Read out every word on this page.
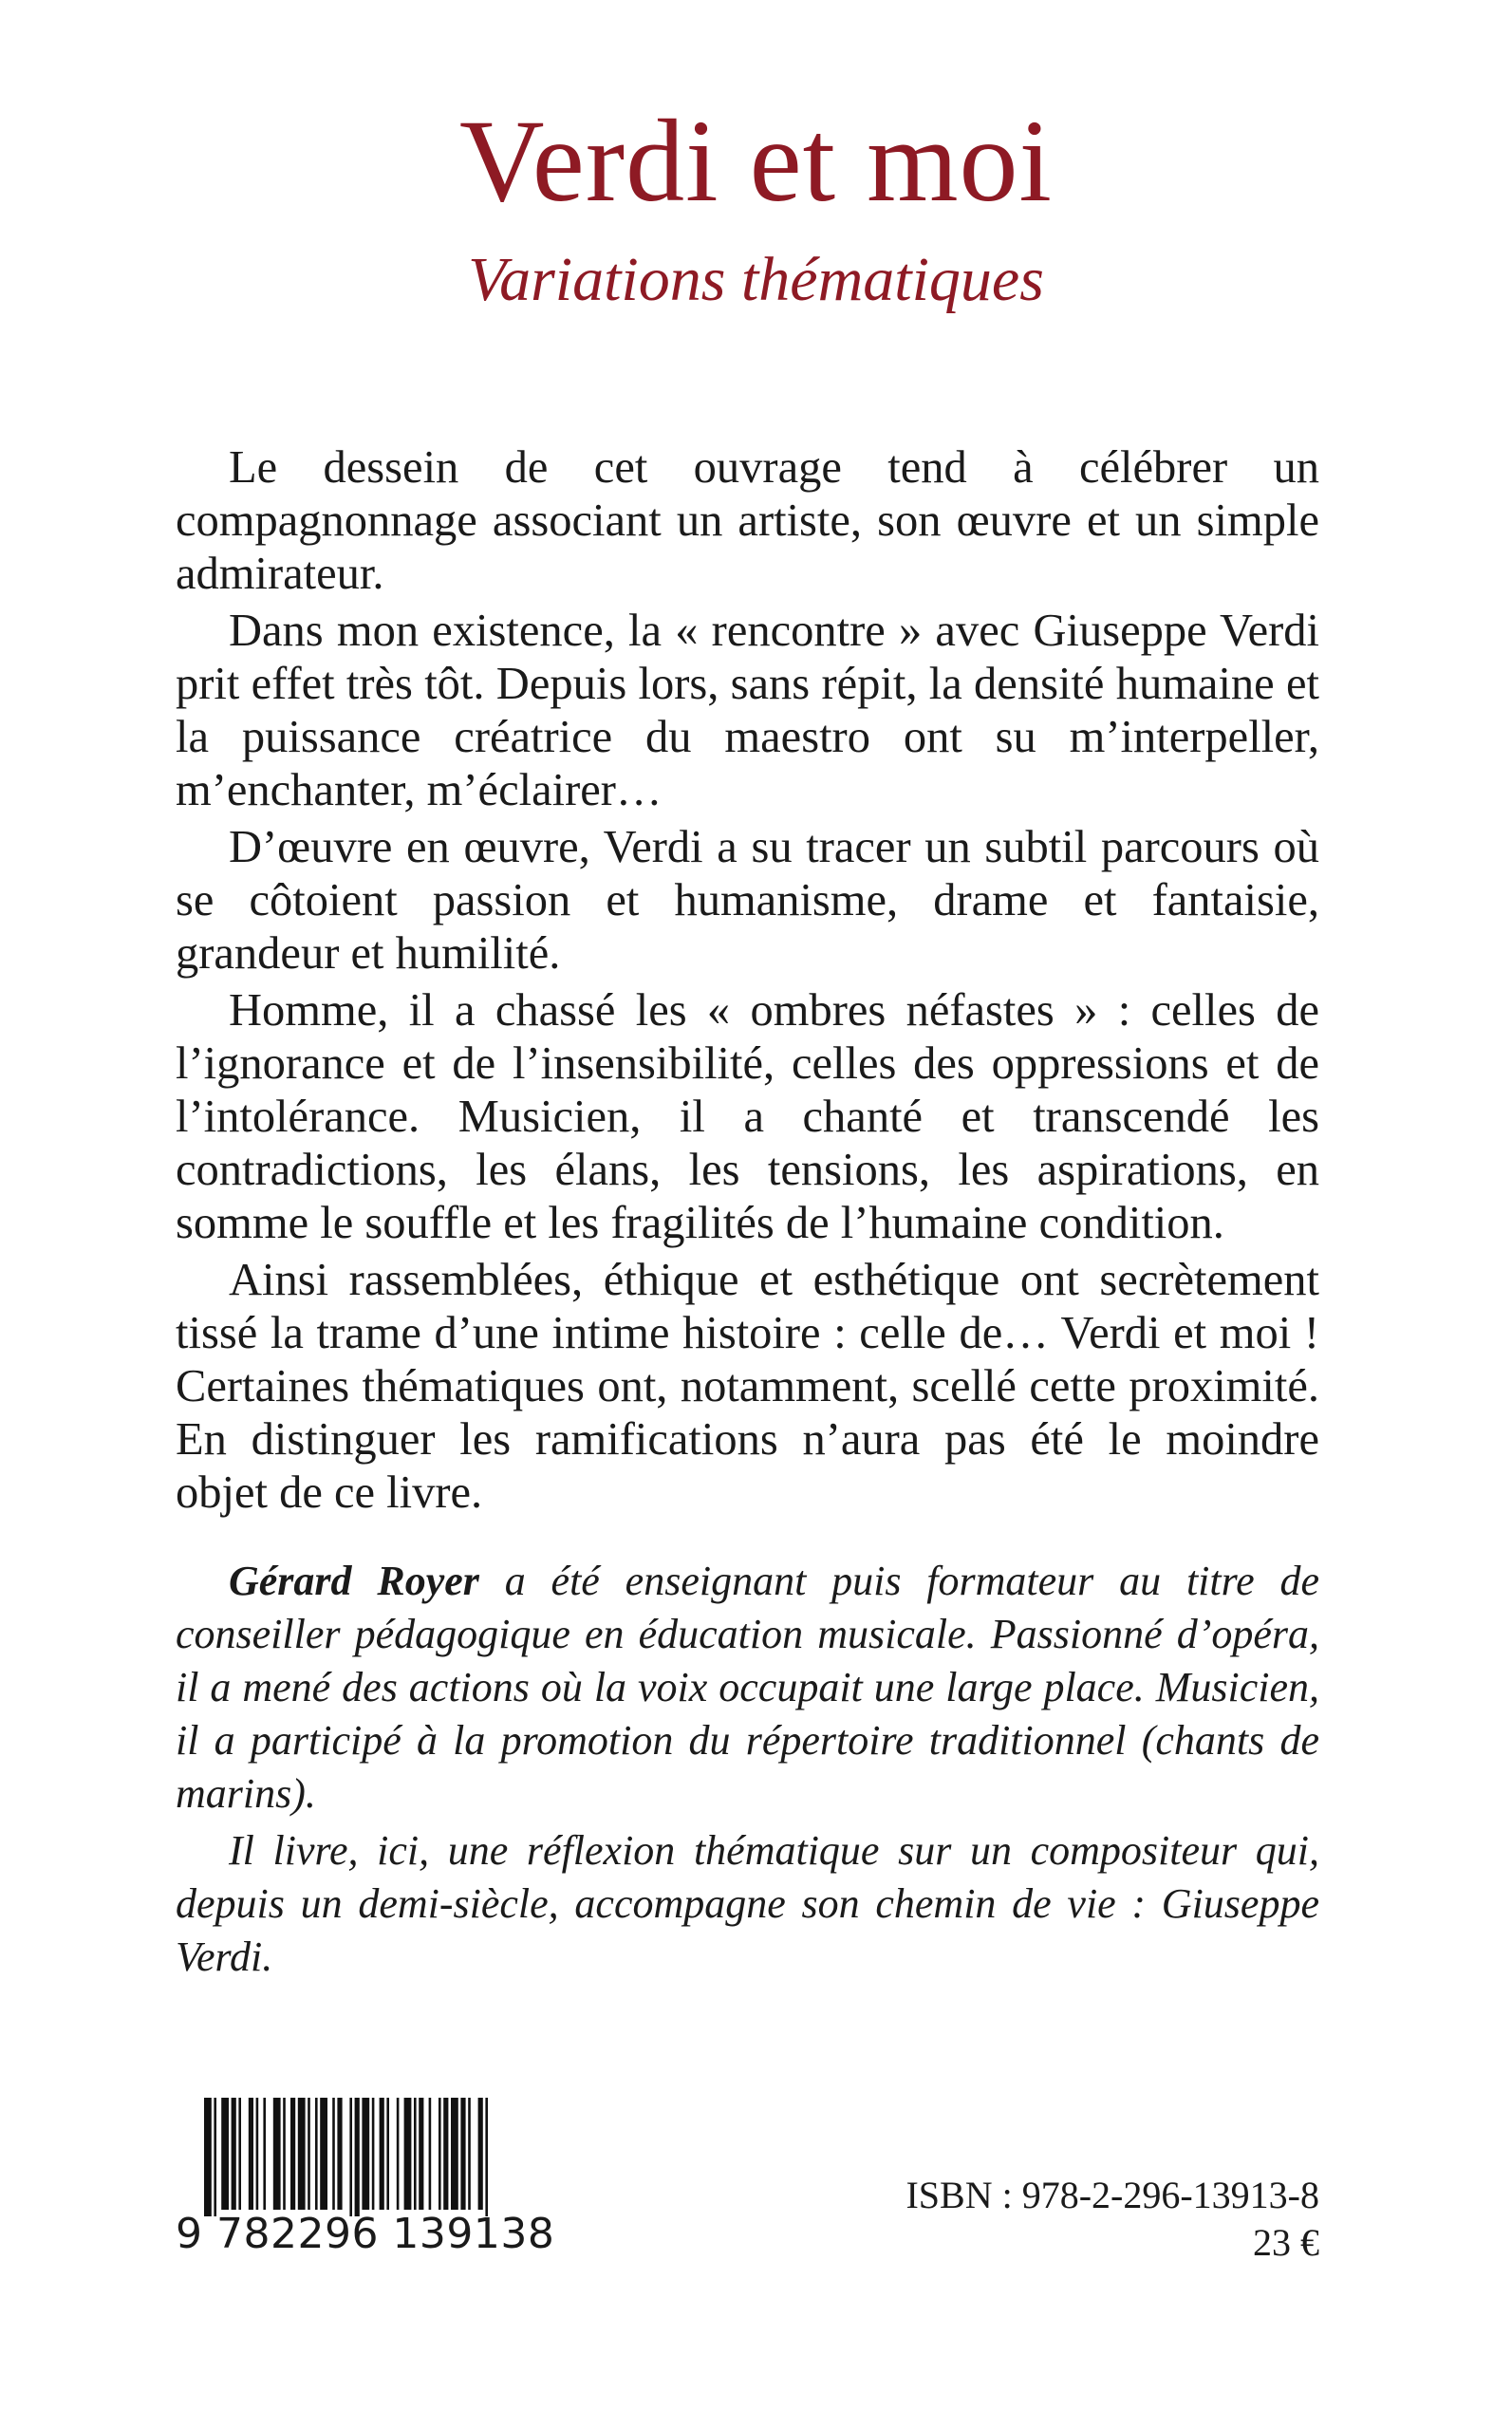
Verdi et moi
Variations thématiques

Le dessein de cet ouvrage tend à célébrer un compagnonnage associant un artiste, son œuvre et un simple admirateur.

Dans mon existence, la « rencontre » avec Giuseppe Verdi prit effet très tôt. Depuis lors, sans répit, la densité humaine et la puissance créatrice du maestro ont su m’interpeller, m’enchanter, m’éclairer…

D’œuvre en œuvre, Verdi a su tracer un subtil parcours où se côtoient passion et humanisme, drame et fantaisie, grandeur et humilité.

Homme, il a chassé les « ombres néfastes » : celles de l’ignorance et de l’insensibilité, celles des oppressions et de l’intolérance. Musicien, il a chanté et transcendé les contradictions, les élans, les tensions, les aspirations, en somme le souffle et les fragilités de l’humaine condition.

Ainsi rassemblées, éthique et esthétique ont secrètement tissé la trame d’une intime histoire : celle de… Verdi et moi ! Certaines thématiques ont, notamment, scellé cette proximité. En distinguer les ramifications n’aura pas été le moindre objet de ce livre.

Gérard Royer a été enseignant puis formateur au titre de conseiller pédagogique en éducation musicale. Passionné d’opéra, il a mené des actions où la voix occupait une large place. Musicien, il a participé à la promotion du répertoire traditionnel (chants de marins).

Il livre, ici, une réflexion thématique sur un compositeur qui, depuis un demi-siècle, accompagne son chemin de vie : Giuseppe Verdi.

9 782296 139138
ISBN : 978-2-296-13913-8
23 €
